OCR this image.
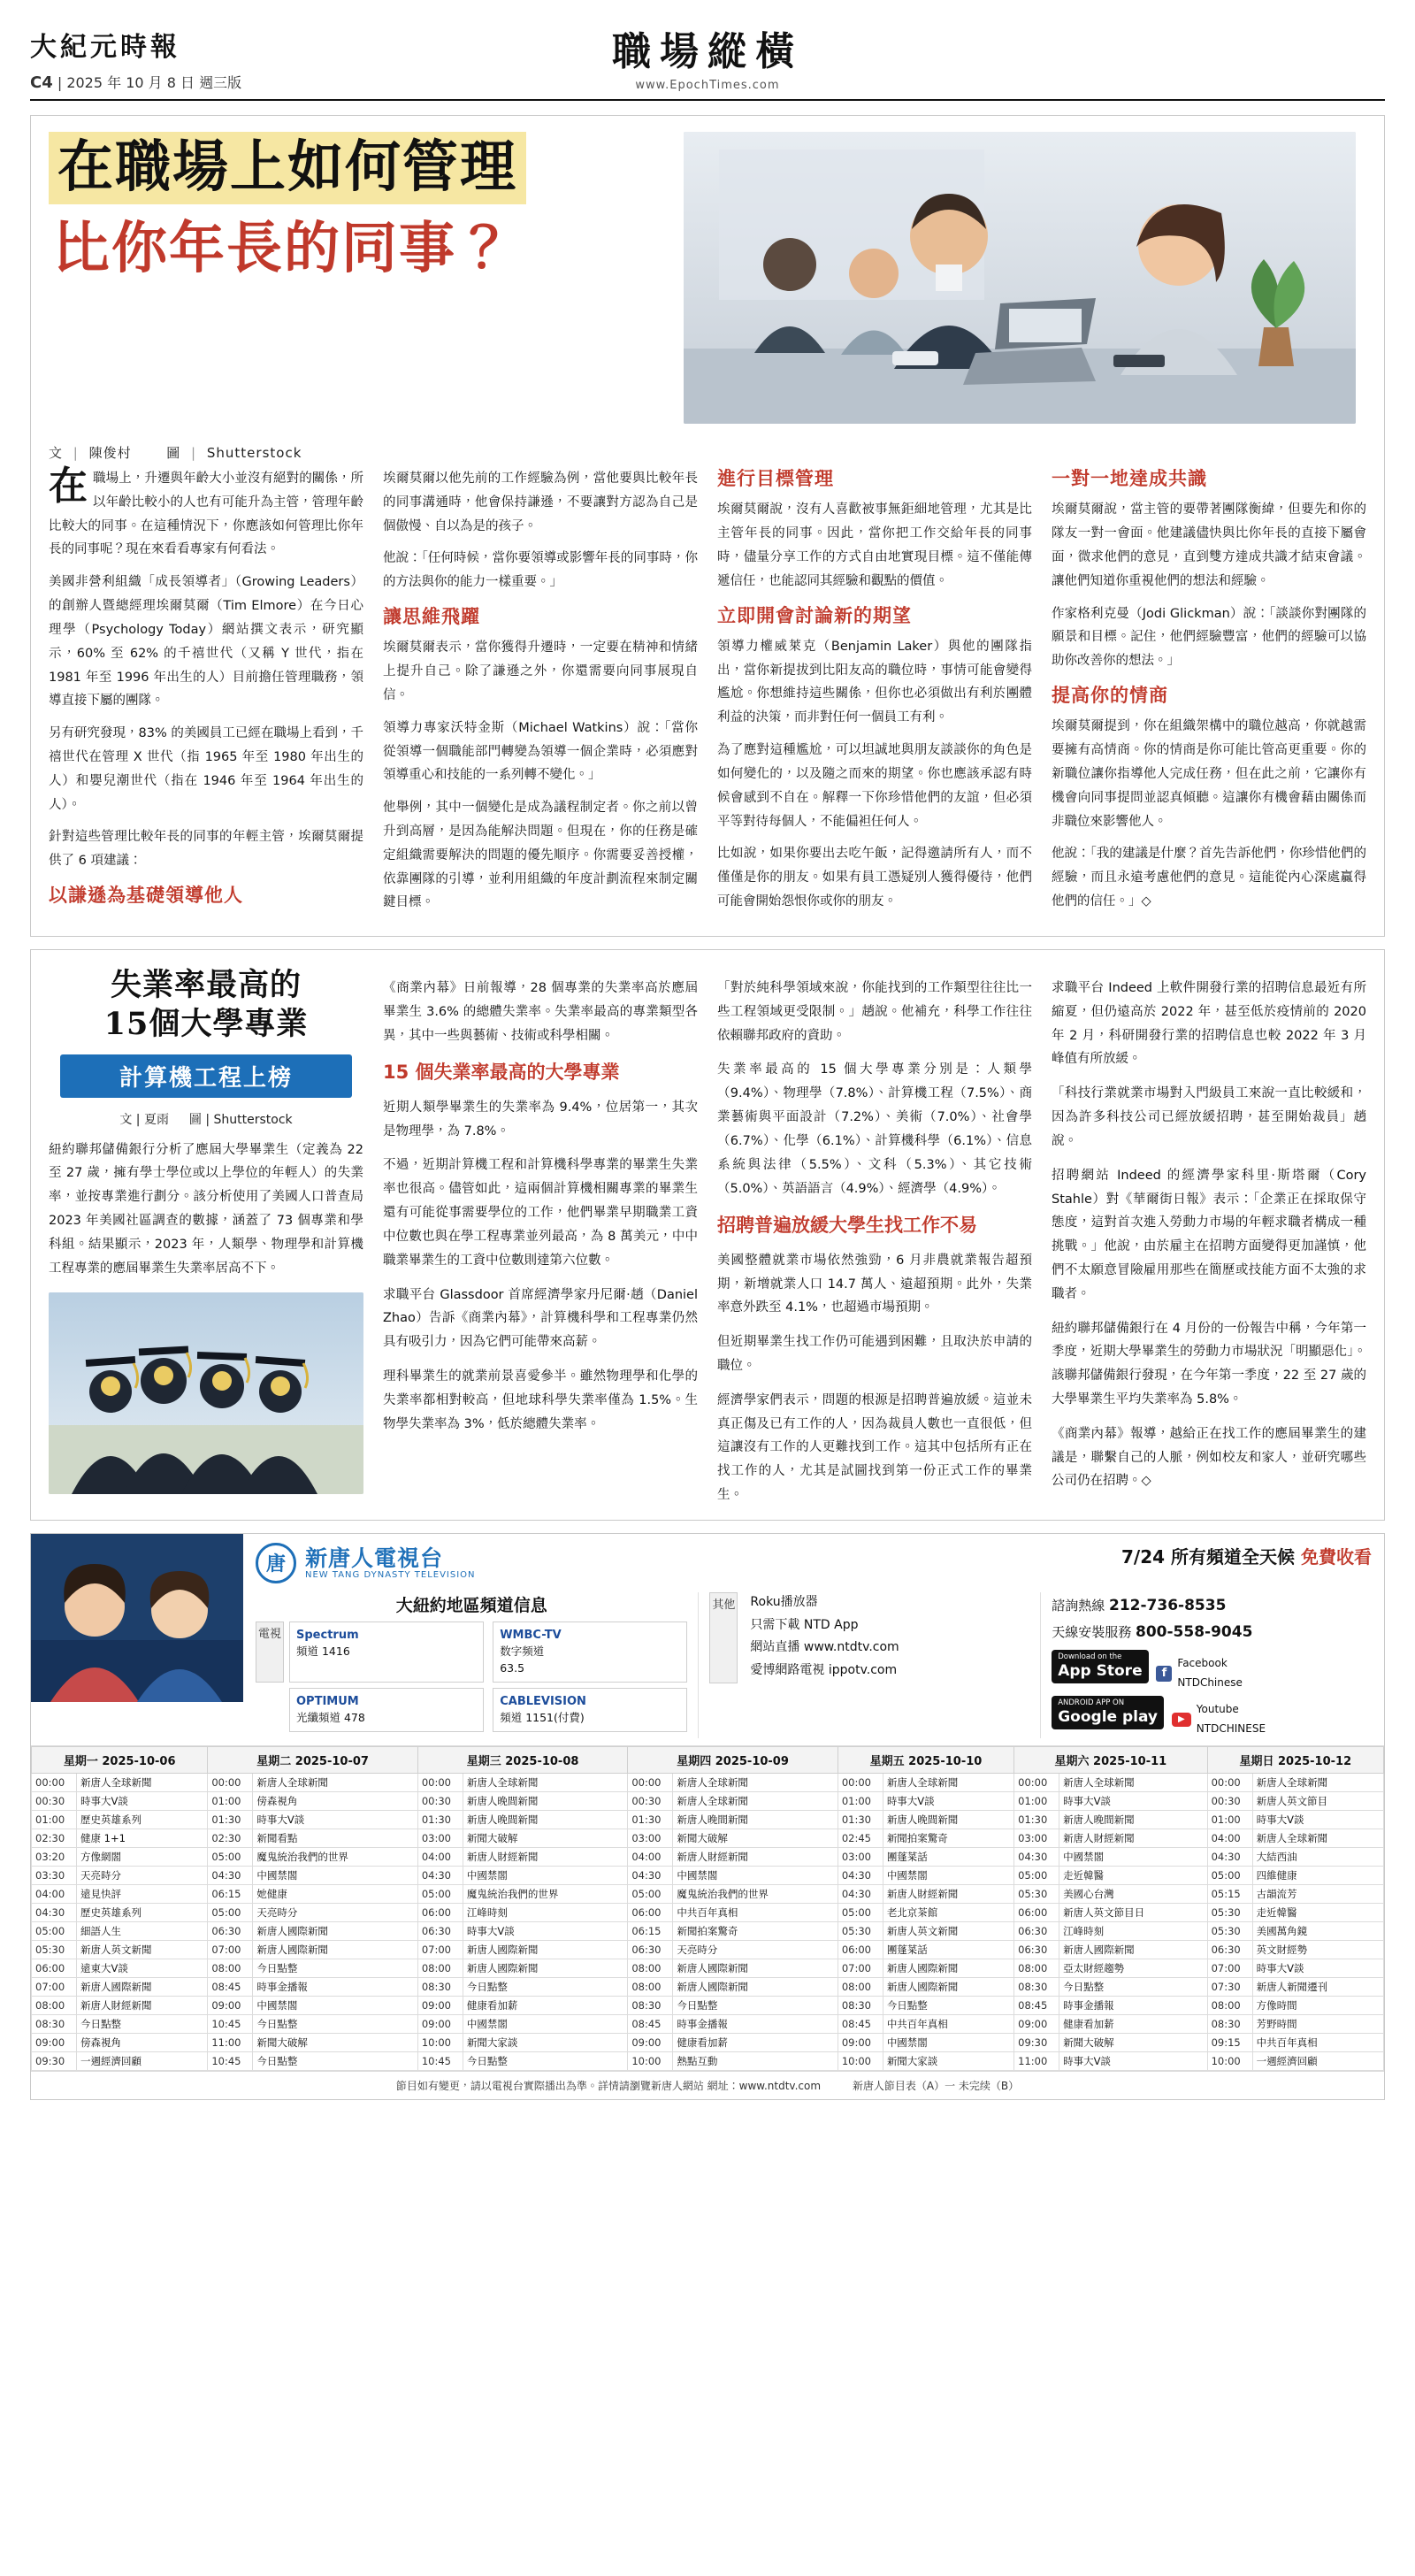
大紀元時報
C4 | 2025 年 10 月 8 日 週三版
職場縱橫
www.EpochTimes.com
在職場上如何管理
比你年長的同事？
文 | 陳俊村 　	圖 | Shutterstock

在職場上，升遷與年齡大小並沒有絕對的關係，所以年齡比較小的人也有可能升為主管，管理年齡比較大的同事。在這種情況下，你應該如何管理比你年長的同事呢？現在來看看專家有何看法。

美國非營利組織「成長領導者」（Growing Leaders）的創辦人暨總經理埃爾莫爾（Tim Elmore）在今日心理學（Psychology Today）網站撰文表示，研究顯示，60% 至 62% 的千禧世代（又稱 Y 世代，指在 1981 年至 1996 年出生的人）目前擔任管理職務，領導直接下屬的團隊。

另有研究發現，83% 的美國員工已經在職場上看到，千禧世代在管理 X 世代（指 1965 年至 1980 年出生的人）和嬰兒潮世代（指在 1946 年至 1964 年出生的人）。

針對這些管理比較年長的同事的年輕主管，埃爾莫爾提供了 6 項建議：

以謙遜為基礎領導他人

埃爾莫爾以他先前的工作經驗為例，當他要與比較年長的同事溝通時，他會保持謙遜，不要讓對方認為自己是個傲慢、自以為是的孩子。

他說：「任何時候，當你要領導或影響年長的同事時，你的方法與你的能力一樣重要。」

讓思維飛躍

埃爾莫爾表示，當你獲得升遷時，一定要在精神和情緒上提升自己。除了謙遜之外，你還需要向同事展現自信。

領導力專家沃特金斯（Michael Watkins）說：「當你從領導一個職能部門轉變為領導一個企業時，必須應對領導重心和技能的一系列轉不變化。」

他舉例，其中一個變化是成為議程制定者。你之前以曾升到高層，是因為能解決問題。但現在，你的任務是確定組織需要解決的問題的優先順序。你需要妥善授權，依靠團隊的引導，並利用組織的年度計劃流程來制定關鍵目標。

進行目標管理

埃爾莫爾說，沒有人喜歡被事無鉅細地管理，尤其是比主管年長的同事。因此，當你把工作交給年長的同事時，儘量分享工作的方式自由地實現目標。這不僅能傳遞信任，也能認同其經驗和觀點的價值。

立即開會討論新的期望

領導力權威萊克（Benjamin Laker）與他的團隊指出，當你新提拔到比阳友高的職位時，事情可能會變得尷尬。你想維持這些關係，但你也必須做出有利於團體利益的決策，而非對任何一個員工有利。

為了應對這種尷尬，可以坦誠地與朋友談談你的角色是如何變化的，以及隨之而來的期望。你也應該承認有時候會感到不自在。解釋一下你珍惜他們的友誼，但必須平等對待每個人，不能偏袒任何人。

比如說，如果你要出去吃午飯，記得邀請所有人，而不僅僅是你的朋友。如果有員工憑疑別人獲得優待，他們可能會開始怨恨你或你的朋友。

一對一地達成共識

埃爾莫爾說，當主管的要帶著團隊衡緯，但要先和你的隊友一對一會面。他建議儘快與比你年長的直接下屬會面，微求他們的意見，直到雙方達成共識才結束會議。讓他們知道你重視他們的想法和經驗。

作家格利克曼（Jodi Glickman）說：「談談你對團隊的願景和目標。記住，他們經驗豐富，他們的經驗可以協助你改善你的想法。」

提高你的情商

埃爾莫爾提到，你在組織架構中的職位越高，你就越需要擁有高情商。你的情商是你可能比管高更重要。你的新職位讓你指導他人完成任務，但在此之前，它讓你有機會向同事提問並認真傾聽。這讓你有機會藉由關係而非職位來影響他人。

他說：「我的建議是什麼？首先告訴他們，你珍惜他們的經驗，而且永遠考慮他們的意見。這能從內心深處贏得他們的信任。」◇

失業率最高的
15個大學專業
計算機工程上榜
文 | 夏雨 　 圖 | Shutterstock

紐約聯邦儲備銀行分析了應屆大學畢業生（定義為 22 至 27 歲，擁有學士學位或以上學位的年輕人）的失業率，並按專業進行劃分。該分析使用了美國人口普查局 2023 年美國社區調查的數據，涵蓋了 73 個專業和學科組。結果顯示，2023 年，人類學、物理學和計算機工程專業的應屆畢業生失業率居高不下。

《商業內幕》日前報導，28 個專業的失業率高於應屆畢業生 3.6% 的總體失業率。失業率最高的專業類型各異，其中一些與藝術、技術或科學相關。

15 個失業率最高的大學專業

近期人類學畢業生的失業率為 9.4%，位居第一，其次是物理學，為 7.8%。

不過，近期計算機工程和計算機科學專業的畢業生失業率也很高。儘管如此，這兩個計算機相關專業的畢業生還有可能從事需要學位的工作，他們畢業早期職業工資中位數也與在學工程專業並列最高，為 8 萬美元，中中職業畢業生的工資中位數則達第六位數。

求職平台 Glassdoor 首席經濟學家丹尼爾·趙（Daniel Zhao）告訴《商業內幕》，計算機科學和工程專業仍然具有吸引力，因為它們可能帶來高薪。

理科畢業生的就業前景喜愛參半。雖然物理學和化學的失業率都相對較高，但地球科學失業率僅為 1.5%。生物學失業率為 3%，低於總體失業率。

「對於純科學領域來說，你能找到的工作類型往往比一些工程領域更受限制。」趙說。他補充，科學工作往往依賴聯邦政府的資助。

失業率最高的 15 個大學專業分別是：人類學（9.4%）、物理學（7.8%）、計算機工程（7.5%）、商業藝術與平面設計（7.2%）、美術（7.0%）、社會學（6.7%）、化學（6.1%）、計算機科學（6.1%）、信息系統與法律（5.5%）、文科（5.3%）、其它技術（5.0%）、英語語言（4.9%）、經濟學（4.9%）。

招聘普遍放緩大學生找工作不易

美國整體就業市場依然強勁，6 月非農就業報告超預期，新增就業人口 14.7 萬人、遠超預期。此外，失業率意外跌至 4.1%，也超過市場預期。

但近期畢業生找工作仍可能遇到困難，且取決於申請的職位。

經濟學家們表示，問題的根源是招聘普遍放緩。這並未真正傷及已有工作的人，因為裁員人數也一直很低，但這讓沒有工作的人更難找到工作。這其中包括所有正在找工作的人，尤其是試圖找到第一份正式工作的畢業生。

求職平台 Indeed 上軟件開發行業的招聘信息最近有所縮夏，但仍遠高於 2022 年，甚至低於疫情前的 2020 年 2 月，科研開發行業的招聘信息也較 2022 年 3 月峰值有所放緩。

「科技行業就業市場對入門級員工來說一直比較緩和，因為許多科技公司已經放緩招聘，甚至開始裁員」趙說。

招聘網站 Indeed 的經濟學家科里·斯塔爾（Cory Stahle）對《華爾街日報》表示：「企業正在採取保守態度，這對首次進入勞動力市場的年輕求職者構成一種挑戰。」他說，由於雇主在招聘方面變得更加謹慎，他們不太願意冒險雇用那些在簡歷或技能方面不太強的求職者。

紐約聯邦儲備銀行在 4 月份的一份報告中稱，今年第一季度，近期大學畢業生的勞動力市場狀況「明顯惡化」。該聯邦儲備銀行發現，在今年第一季度，22 至 27 歲的大學畢業生平均失業率為 5.8%。

《商業內幕》報導，越給正在找工作的應屆畢業生的建議是，聯繫自己的人脈，例如校友和家人，並研究哪些公司仍在招聘。◇

唐 新唐人電視台
NEW TANG DYNASTY TELEVISION
7/24 所有頻道全天候 免費收看
大紐約地區頻道信息
電視 Spectrum
頻道 1416
WMBC-TV
数字频道
63.5
OPTIMUM
光纖頻道 478
CABLEVISION
頻道 1151(付費)
其他 Roku播放器
只需下載 NTD App
網站直播 www.ntdtv.com
愛博網路電視 ippotv.com
諮詢熱線 212-736-8535
天線安裝服務 800-558-9045
Download on the
App Store	f
Facebook
NTDChinese
ANDROID APP ON
Google play	▶
Youtube
NTDCHINESE
星期一 2025-10-06		星期二 2025-10-07		星期三 2025-10-08		星期四 2025-10-09		星期五 2025-10-10		星期六 2025-10-11		星期日 2025-10-12	
00:00	新唐人全球新聞	00:00	新唐人全球新聞	00:00	新唐人全球新聞	00:00	新唐人全球新聞	00:00	新唐人全球新聞	00:00	新唐人全球新聞	00:00	新唐人全球新聞
00:30	時事大V談	01:00	傍森視角	00:30	新唐人晚間新聞	00:30	新唐人全球新聞	01:00	時事大V談	01:00	時事大V談	00:30	新唐人英文節目
01:00	歷史英雄系列	01:30	時事大V談	01:30	新唐人晚間新聞	01:30	新唐人晚間新聞	01:30	新唐人晚間新聞	01:30	新唐人晚間新聞	01:00	時事大V談
02:30	健康 1+1	02:30	新聞看點	03:00	新聞大破解	03:00	新聞大破解	02:45	新聞拍案驚奇	03:00	新唐人財經新聞	04:00	新唐人全球新聞
03:20	方像網閣	05:00	魔鬼統治我們的世界	04:00	新唐人財經新聞	04:00	新唐人財經新聞	03:00	團蓬菜話	04:30	中國禁閣	04:30	大結西油
03:30	天亮時分	04:30	中國禁閣	04:30	中國禁閣	04:30	中國禁閣	04:30	中國禁閣	05:00	走近韓醫	05:00	四維健康
04:00	遠見快評	06:15	她健康	05:00	魔鬼統治我們的世界	05:00	魔鬼統治我們的世界	04:30	新唐人財經新聞	05:30	美國心台灣	05:15	古韻流芳
04:30	歷史英雄系列	05:00	天亮時分	06:00	江峰時刻	06:00	中共百年真相	05:00	老北京茶館	06:00	新唐人英文節目日	05:30	走近韓醫
05:00	細語人生	06:30	新唐人國際新聞	06:30	時事大V談	06:15	新聞拍案驚奇	05:30	新唐人英文新聞	06:30	江峰時刻	05:30	美國萬角鏡
05:30	新唐人英文新聞	07:00	新唐人國際新聞	07:00	新唐人國際新聞	06:30	天亮時分	06:00	團蓬菜話	06:30	新唐人國際新聞	06:30	英文財經勢
06:00	遠東大V談	08:00	今日點整	08:00	新唐人國際新聞	08:00	新唐人國際新聞	07:00	新唐人國際新聞	08:00	亞太財經趨勢	07:00	時事大V談
07:00	新唐人國際新聞	08:45	時事金播報	08:30	今日點整	08:00	新唐人國際新聞	08:00	新唐人國際新聞	08:30	今日點整	07:30	新唐人新聞遷刊
08:00	新唐人財經新聞	09:00	中國禁閣	09:00	健康看加薪	08:30	今日點整	08:30	今日點整	08:45	時事金播報	08:00	方像時間
08:30	今日點整	10:45	今日點整	09:00	中國禁閣	08:45	時事金播報	08:45	中共百年真相	09:00	健康看加薪	08:30	芳野時間
09:00	傍森視角	11:00	新聞大破解	10:00	新聞大家談	09:00	健康看加薪	09:00	中國禁閣	09:30	新聞大破解	09:15	中共百年真相
09:30	一週經濟回顧	10:45	今日點整	10:45	今日點整	10:00	熱點互動	10:00	新聞大家談	11:00	時事大V談	10:00	一週經濟回顧
節目如有變更，請以電視台實際播出為準。詳情請瀏覽新唐人網站 網址：www.ntdtv.com	新唐人節目表（A）一 未完续（B）
